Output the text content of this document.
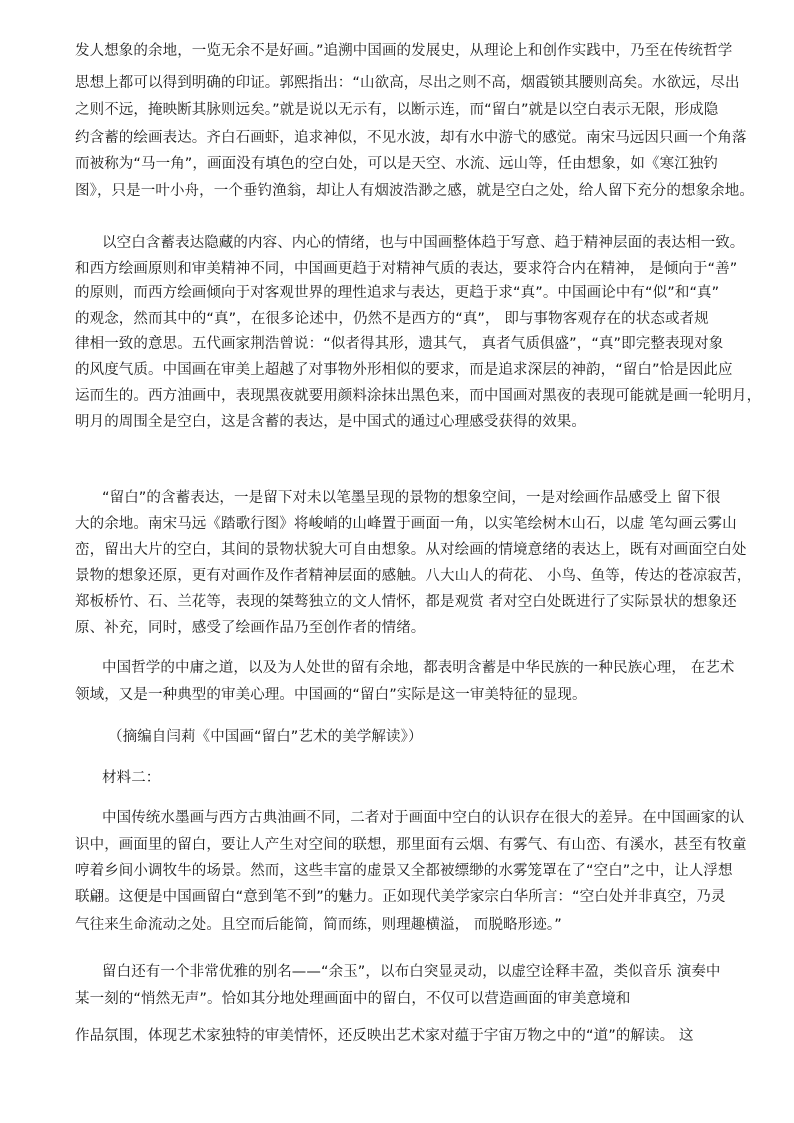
发人想象的余地，一览无余不是好画。”追溯中国画的发展史，从理论上和创作实践中，乃至在传统哲学
思想上都可以得到明确的印证。郭熙指出：“山欲高，尽出之则不高，烟霞锁其腰则高矣。水欲远，尽出
之则不远，掩映断其脉则远矣。”就是说以无示有，以断示连，而“留白”就是以空白表示无限，形成隐
约含蓄的绘画表达。齐白石画虾，追求神似，不见水波，却有水中游弋的感觉。南宋马远因只画一个角落
而被称为“马一角”，画面没有填色的空白处，可以是天空、水流、远山等，任由想象，如《寒江独钓
图》，只是一叶小舟，一个垂钓渔翁，却让人有烟波浩渺之感，就是空白之处，给人留下充分的想象余地。
以空白含蓄表达隐藏的内容、内心的情绪，也与中国画整体趋于写意、趋于精神层面的表达相一致。
和西方绘画原则和审美精神不同，中国画更趋于对精神气质的表达，要求符合内在精神， 是倾向于“善”
的原则，而西方绘画倾向于对客观世界的理性追求与表达，更趋于求“真”。中国画论中有“似”和“真”
的观念，然而其中的“真”，在很多论述中，仍然不是西方的“真”， 即与事物客观存在的状态或者规
律相一致的意思。五代画家荆浩曾说：“似者得其形，遗其气， 真者气质俱盛”，“真”即完整表现对象
的风度气质。中国画在审美上超越了对事物外形相似的要求，而是追求深层的神韵，“留白”恰是因此应
运而生的。西方油画中，表现黑夜就要用颜料涂抹出黑色来，而中国画对黑夜的表现可能就是画一轮明月，
明月的周围全是空白，这是含蓄的表达，是中国式的通过心理感受获得的效果。
“留白”的含蓄表达，一是留下对未以笔墨呈现的景物的想象空间，一是对绘画作品感受上 留下很
大的余地。南宋马远《踏歌行图》将峻峭的山峰置于画面一角，以实笔绘树木山石，以虚 笔勾画云雾山
峦，留出大片的空白，其间的景物状貌大可自由想象。从对绘画的情境意绪的表达上，既有对画面空白处
景物的想象还原，更有对画作及作者精神层面的感触。八大山人的荷花、 小鸟、鱼等，传达的苍凉寂苦，
郑板桥竹、石、兰花等，表现的桀骜独立的文人情怀，都是观赏 者对空白处既进行了实际景状的想象还
原、补充，同时，感受了绘画作品乃至创作者的情绪。
中国哲学的中庸之道，以及为人处世的留有余地，都表明含蓄是中华民族的一种民族心理， 在艺术
领域，又是一种典型的审美心理。中国画的“留白”实际是这一审美特征的显现。
（摘编自闫莉《中国画“留白”艺术的美学解读》）
材料二：
中国传统水墨画与西方古典油画不同，二者对于画面中空白的认识存在很大的差异。在中国画家的认
识中，画面里的留白，要让人产生对空间的联想，那里面有云烟、有雾气、有山峦、有溪水，甚至有牧童
哼着乡间小调牧牛的场景。然而，这些丰富的虚景又全都被缥缈的水雾笼罩在了“空白”之中，让人浮想
联翩。这便是中国画留白“意到笔不到”的魅力。正如现代美学家宗白华所言：“空白处并非真空，乃灵
气往来生命流动之处。且空而后能简，简而练，则理趣横溢， 而脱略形迹。”
留白还有一个非常优雅的别名——“余玉”，以布白突显灵动，以虚空诠释丰盈，类似音乐 演奏中
某一刻的“悄然无声”。恰如其分地处理画面中的留白，不仅可以营造画面的审美意境和
作品氛围，体现艺术家独特的审美情怀，还反映出艺术家对蕴于宇宙万物之中的“道”的解读。 这
